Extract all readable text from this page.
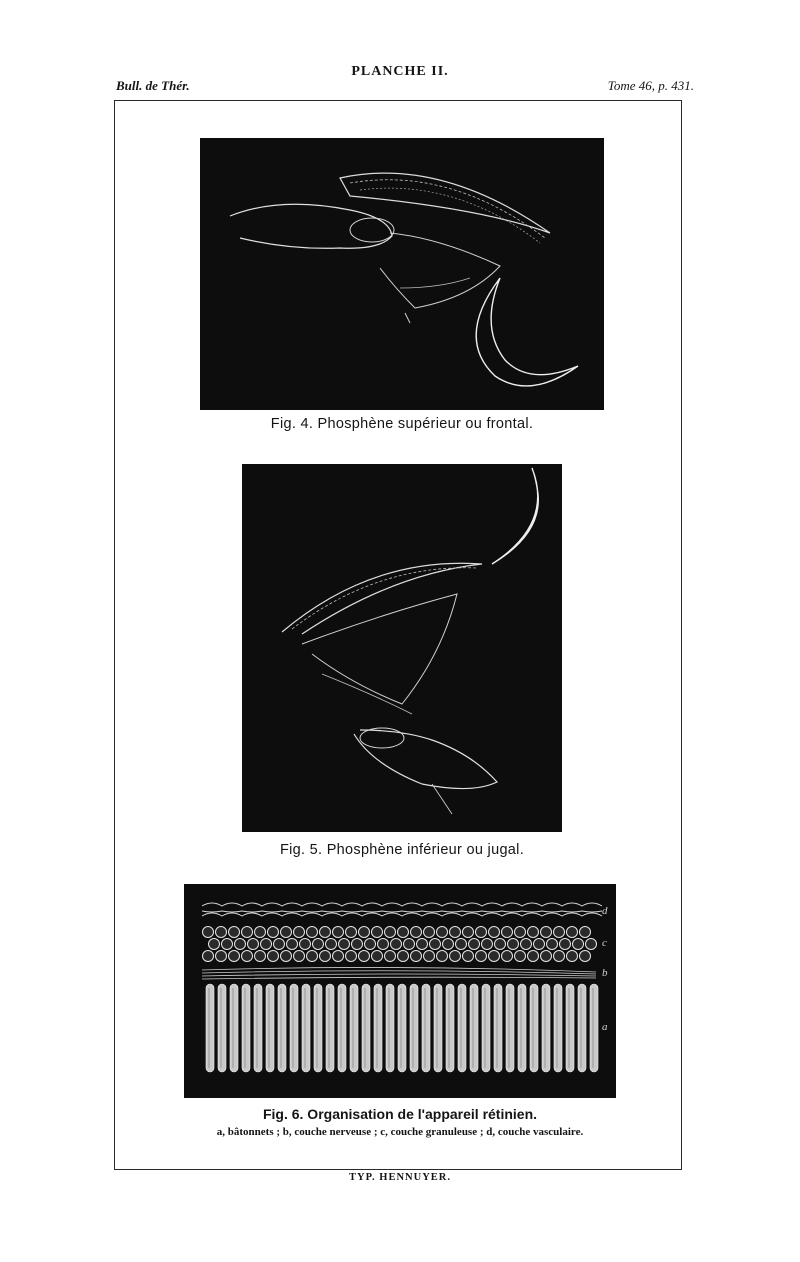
Bull. de Thér.
PLANCHE II.
Tome 46, p. 431.
Fig. 4. Phosphène supérieur ou frontal.
Fig. 5. Phosphène inférieur ou jugal.
d
c
b
a
Fig. 6. Organisation de l'appareil rétinien.
a, bâtonnets ; b, couche nerveuse ; c, couche granuleuse ; d, couche vasculaire.
TYP. HENNUYER.
